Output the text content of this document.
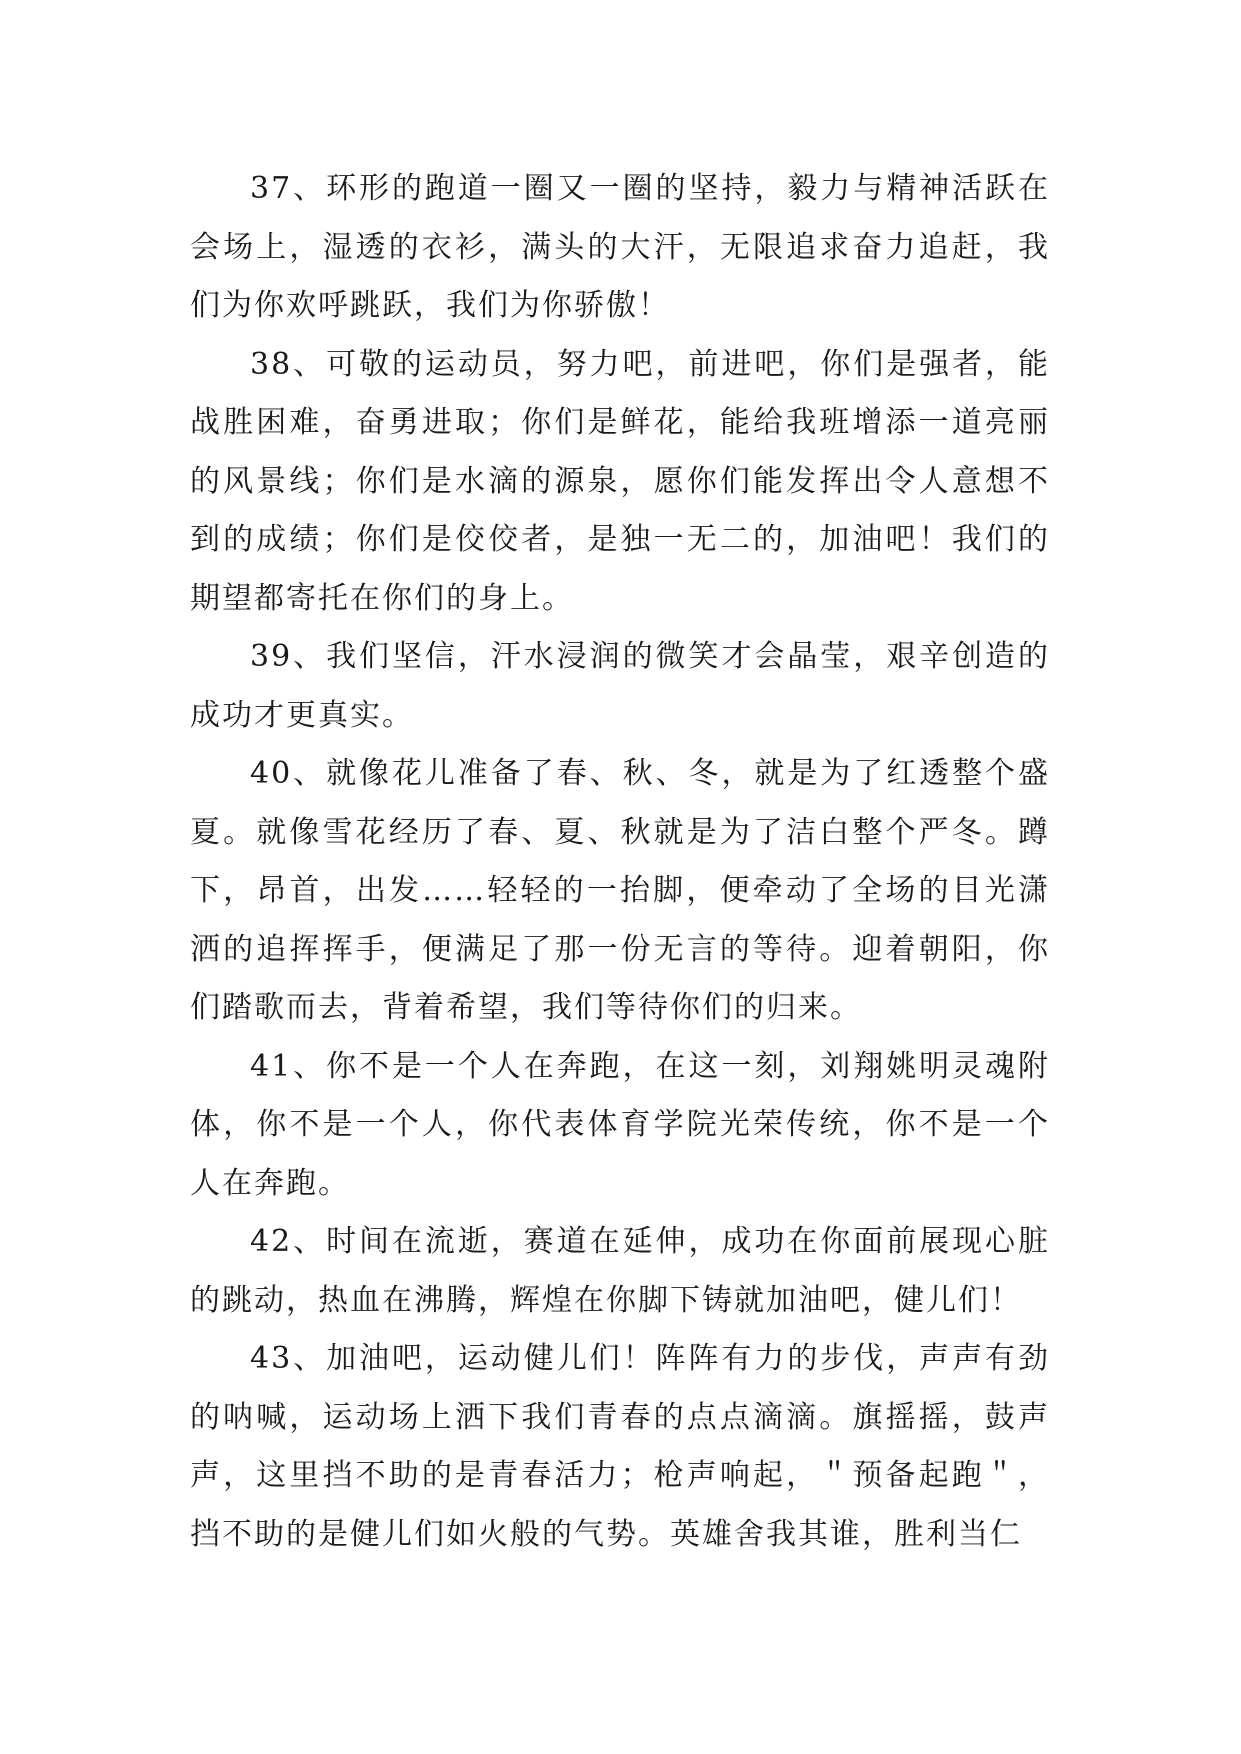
37、环形的跑道一圈又一圈的坚持，毅力与精神活跃在会场上，湿透的衣衫，满头的大汗，无限追求奋力追赶，我们为你欢呼跳跃，我们为你骄傲！

38、可敬的运动员，努力吧，前进吧，你们是强者，能战胜困难，奋勇进取；你们是鲜花，能给我班增添一道亮丽的风景线；你们是水滴的源泉，愿你们能发挥出令人意想不到的成绩；你们是佼佼者，是独一无二的，加油吧！我们的期望都寄托在你们的身上。

39、我们坚信，汗水浸润的微笑才会晶莹，艰辛创造的成功才更真实。

40、就像花儿准备了春、秋、冬，就是为了红透整个盛夏。就像雪花经历了春、夏、秋就是为了洁白整个严冬。蹲下，昂首，出发……轻轻的一抬脚，便牵动了全场的目光潇洒的追挥挥手，便满足了那一份无言的等待。迎着朝阳，你们踏歌而去，背着希望，我们等待你们的归来。

41、你不是一个人在奔跑，在这一刻，刘翔姚明灵魂附体，你不是一个人，你代表体育学院光荣传统，你不是一个人在奔跑。

42、时间在流逝，赛道在延伸，成功在你面前展现心脏的跳动，热血在沸腾，辉煌在你脚下铸就加油吧，健儿们！

43、加油吧，运动健儿们！阵阵有力的步伐，声声有劲的呐喊，运动场上洒下我们青春的点点滴滴。旗摇摇，鼓声声，这里挡不助的是青春活力；枪声响起，＂预备起跑＂，挡不助的是健儿们如火般的气势。英雄舍我其谁，胜利当仁
